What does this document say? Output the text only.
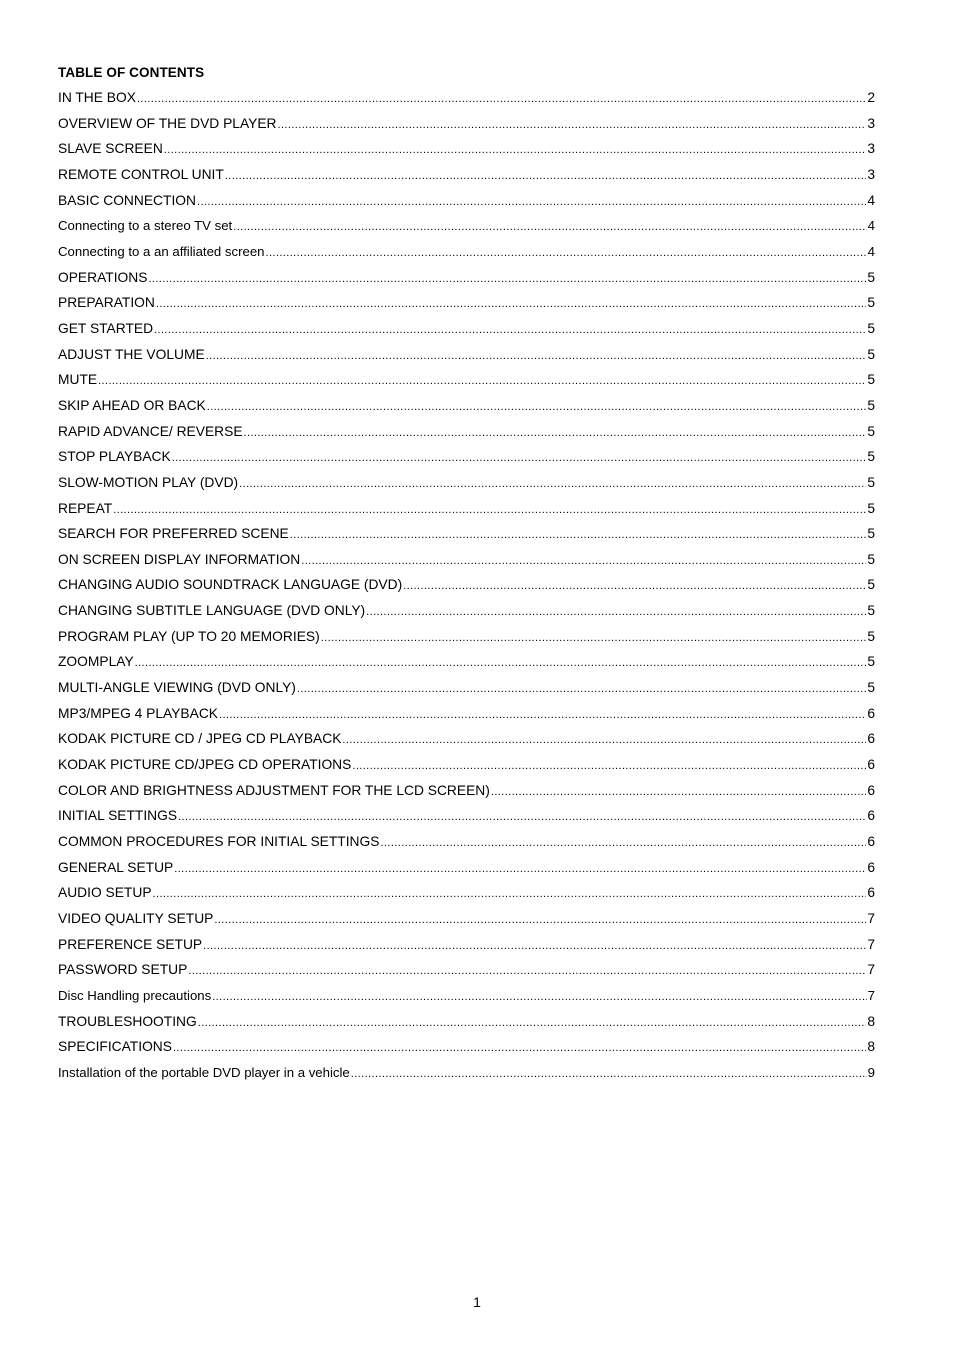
TABLE OF CONTENTS
IN THE BOX .....	2
OVERVIEW OF THE DVD PLAYER .....	3
SLAVE SCREEN .....	3
REMOTE CONTROL UNIT .....	3
BASIC CONNECTION .....	4
Connecting to a stereo TV set .....	4
Connecting to a an affiliated screen .....	4
OPERATIONS .....	5
PREPARATION .....	5
GET STARTED .....	5
ADJUST THE VOLUME .....	5
MUTE .....	5
SKIP AHEAD OR BACK .....	5
RAPID ADVANCE/ REVERSE .....	5
STOP PLAYBACK .....	5
SLOW-MOTION PLAY (DVD) .....	5
REPEAT .....	5
SEARCH FOR PREFERRED SCENE .....	5
ON SCREEN DISPLAY INFORMATION .....	5
CHANGING AUDIO SOUNDTRACK LANGUAGE (DVD) .....	5
CHANGING SUBTITLE LANGUAGE (DVD ONLY) .....	5
PROGRAM PLAY (UP TO 20 MEMORIES) .....	5
ZOOMPLAY .....	5
MULTI-ANGLE VIEWING (DVD ONLY) .....	5
MP3/MPEG 4 PLAYBACK .....	6
KODAK PICTURE CD / JPEG CD PLAYBACK .....	6
KODAK PICTURE CD/JPEG CD OPERATIONS .....	6
COLOR AND BRIGHTNESS ADJUSTMENT FOR THE LCD SCREEN) .....	6
INITIAL SETTINGS .....	6
COMMON PROCEDURES FOR INITIAL SETTINGS .....	6
GENERAL SETUP .....	6
AUDIO SETUP .....	6
VIDEO QUALITY SETUP .....	7
PREFERENCE SETUP .....	7
PASSWORD SETUP .....	7
Disc Handling precautions .....	7
TROUBLESHOOTING .....	8
SPECIFICATIONS .....	8
Installation of the portable DVD player in a vehicle .....	9
1
